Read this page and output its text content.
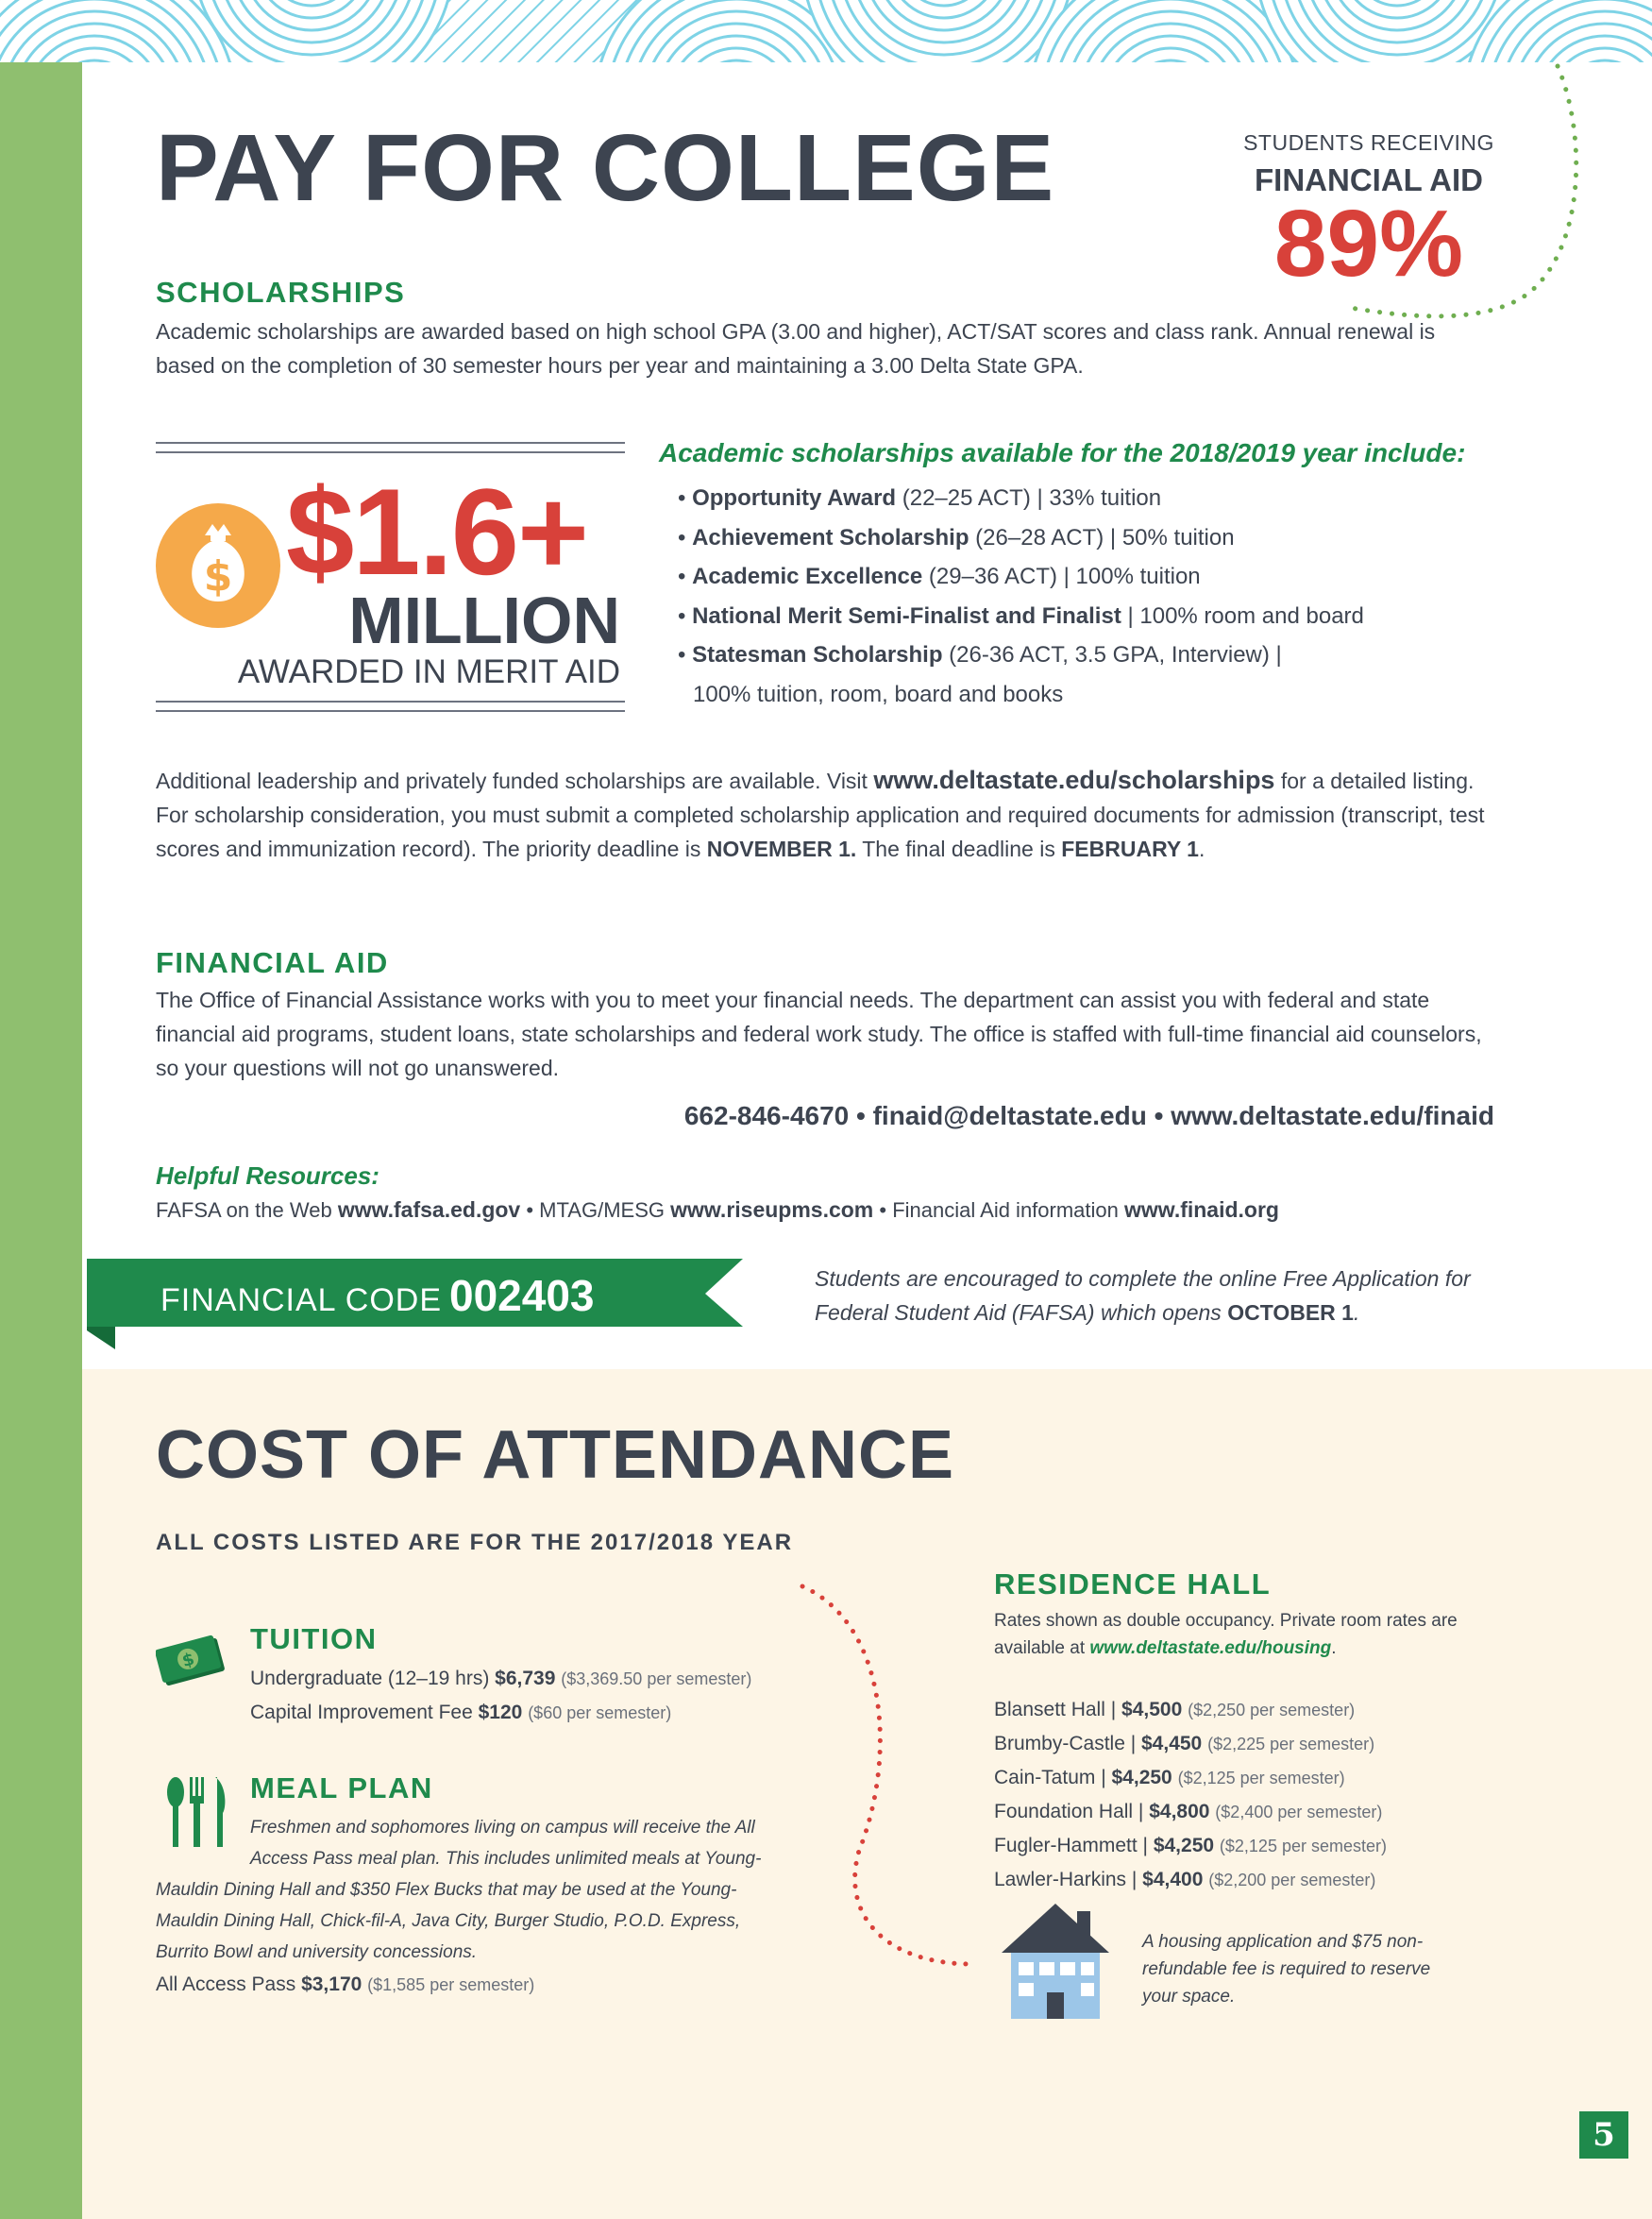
PAY FOR COLLEGE	STUDENTS RECEIVING
FINANCIAL AID
89%
SCHOLARSHIPS

Academic scholarships are awarded based on high school GPA (3.00 and higher), ACT/SAT scores and class rank. Annual renewal is based on the completion of 30 semester hours per year and maintaining a 3.00 Delta State GPA.

$ $1.6+
MILLION
AWARDED IN MERIT AID
Academic scholarships available for the 2018/2019 year include:
• Opportunity Award (22–25 ACT) | 33% tuition
• Achievement Scholarship (26–28 ACT) | 50% tuition
• Academic Excellence (29–36 ACT) | 100% tuition
• National Merit Semi-Finalist and Finalist | 100% room and board
• Statesman Scholarship (26-36 ACT, 3.5 GPA, Interview) |
100% tuition, room, board and books

Additional leadership and privately funded scholarships are available. Visit www.deltastate.edu/scholarships for a detailed listing. For scholarship consideration, you must submit a completed scholarship application and required documents for admission (transcript, test scores and immunization record). The priority deadline is NOVEMBER 1. The final deadline is FEBRUARY 1.

FINANCIAL AID

The Office of Financial Assistance works with you to meet your financial needs. The department can assist you with federal and state financial aid programs, student loans, state scholarships and federal work study. The office is staffed with full-time financial aid counselors, so your questions will not go unanswered.

662-846-4670 • finaid@deltastate.edu • www.deltastate.edu/finaid
Helpful Resources:
FAFSA on the Web www.fafsa.ed.gov • MTAG/MESG www.riseupms.com • Financial Aid information www.finaid.org
FINANCIAL CODE 002403	Students are encouraged to complete the online Free Application for Federal Student Aid (FAFSA) which opens OCTOBER 1.

COST OF ATTENDANCE
ALL COSTS LISTED ARE FOR THE 2017/2018 YEAR
$
TUITION
Undergraduate (12–19 hrs) $6,739 ($3,369.50 per semester)
Capital Improvement Fee $120 ($60 per semester)
MEAL PLAN

Freshmen and sophomores living on campus will receive the All
Access Pass meal plan. This includes unlimited meals at Young-
Mauldin Dining Hall and $350 Flex Bucks that may be used at the Young-
Mauldin Dining Hall, Chick-fil-A, Java City, Burger Studio, P.O.D. Express,
Burrito Bowl and university concessions.

All Access Pass $3,170 ($1,585 per semester)
RESIDENCE HALL

Rates shown as double occupancy. Private room rates are available at www.deltastate.edu/housing.

Blansett Hall | $4,500 ($2,250 per semester)
Brumby-Castle | $4,450 ($2,225 per semester)
Cain-Tatum | $4,250 ($2,125 per semester)
Foundation Hall | $4,800 ($2,400 per semester)
Fugler-Hammett | $4,250 ($2,125 per semester)
Lawler-Harkins | $4,400 ($2,200 per semester)

A housing application and $75 non-refundable fee is required to reserve your space.

5
